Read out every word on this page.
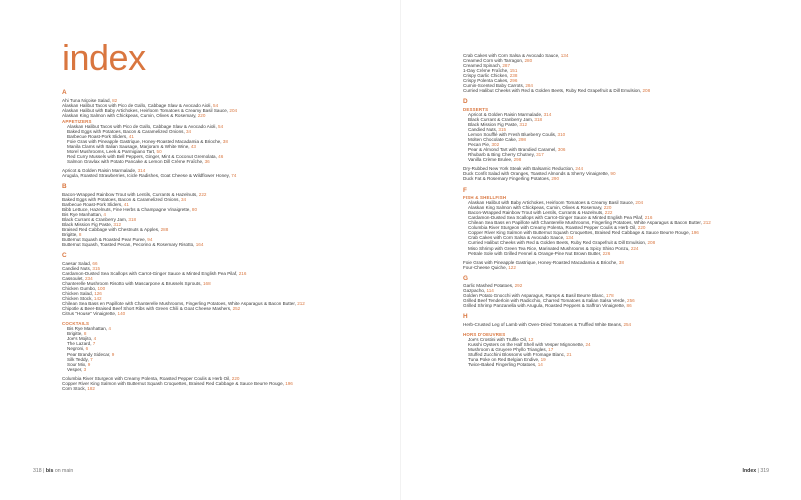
index
A
Ahi Tuna Niçoise Salad, 82
Alaskan Halibut Tacos with Pico de Gallo, Cabbage Slaw & Avocado Aioli, 54
Alaskan Halibut with Baby Artichokes, Heirloom Tomatoes & Creamy Basil Sauce, 204
Alaskan King Salmon with Chickpeas, Cumin, Olives & Rosemary, 220
APPETIZERS
Alaskan Halibut Tacos with Pico de Gallo, Cabbage Slaw & Avocado Aioli, 54
Baked Eggs with Potatoes, Bacon & Caramelized Onions, 34
Barbecue Roast-Pork Sliders, 41
Foie Gras with Pineapple Gastrique, Honey-Roasted Macadamia & Brioche, 38
Manila Clams with Italian Sausage, Marjoram & White Wine, 43
Morel Mushrooms, Leek & Parmigiano Tart, 50
Red Curry Mussels with Bell Peppers, Ginger, Mint & Coconut Gremolata, 46
Salmon Gravlax with Potato Pancake & Lemon Dill Crème Fraîche, 36
Apricot & Golden Raisin Marmalade, 314
Arugula, Roasted Strawberries, Icicle Radishes, Goat Cheese & Wildflower Honey, 74
B
Bacon-Wrapped Rainbow Trout with Lentils, Currants & Hazelnuts, 222
Baked Eggs with Potatoes, Bacon & Caramelized Onions, 34
Barbecue Roast-Pork Sliders, 41
Bibb Lettuce, Hazelnuts, Fine Herbs & Champagne Vinaigrette, 80
Bis Rye Manhattan, 4
Black Currant & Cranberry Jam, 318
Black Mission Fig Paste, 312
Braised Red Cabbage with Chestnuts & Apples, 288
Brigitte, 8
Butternut Squash & Roasted Pear Puree, 94
Butternut Squash, Toasted Pecan, Pecorino & Rosemary Risotto, 164
C
Caesar Salad, 66
Candied Nuts, 315
Cardamon-Dusted Sea Scallops with Carrot-Ginger Sauce & Minted English Pea Pilaf, 216
Cassoulet, 234
Chanterelle Mushroom Risotto with Mascarpone & Brussels Sprouts, 168
Chicken Gumbo, 100
Chicken Salad, 126
Chicken Stock, 142
Chilean Sea Bass en Papillote with Chanterelle Mushrooms, Fingerling Potatoes, White Asparagus & Bacon Butter, 212
Chipotle & Beer-Braised Beef Short Ribs with Green Chili & Goat Cheese Mashers, 252
Citrus "House" Vinaigrette, 140
COCKTAILS
Bis Rye Manhattan, 4
Brigitte, 8
Joe's Mojito, 4
The Lazard, 7
Negroni, 6
Pear Brandy Sidecar, 9
Silk Teddy, 7
Sour Mix, 9
Vesper, 3
Columbia River Sturgeon with Creamy Polenta, Roasted Pepper Coulis & Herb Oil, 220
Copper River King Salmon with Butternut Squash Croquettes, Braised Red Cabbage & Sauce Beurre Rouge, 196
Corn Stock, 182
318 | bis on main
Crab Cakes with Corn Salsa & Avocado Sauce, 134
Creamed Corn with Tarragon, 280
Creamed Spinach, 287
1-Day Crème Fraîche, 151
Crispy Garlic Chicken, 238
Crispy Polenta Cakes, 296
Cumin-Scented Baby Carrots, 284
Curried Halibut Cheeks with Red & Golden Beets, Ruby Red Grapefruit & Dill Emulsion, 208
D
DESSERTS
Apricot & Golden Raisin Marmalade, 314
Black Currant & Cranberry Jam, 318
Black Mission Fig Paste, 312
Candied Nuts, 315
Lemon Soufflé with Fresh Blueberry Coulis, 310
Molten Chocolate Cake, 298
Pecan Pie, 302
Pear & Almond Tart with Brandied Caramel, 306
Rhubarb & Bing Cherry Chutney, 317
Vanilla Crème Brulee, 298
Dry-Rubbed New York Steak with Balsamic Reduction, 244
Duck Confit Salad with Oranges, Toasted Almonds & Sherry Vinaigrette, 90
Duck Fat & Rosemary Fingerling Potatoes, 290
F
FISH & SHELLFISH
Alaskan Halibut with Baby Artichokes, Heirloom Tomatoes & Creamy Basil Sauce, 204
Alaskan King Salmon with Chickpeas, Cumin, Olives & Rosemary, 220
Bacon-Wrapped Rainbow Trout with Lentils, Currants & Hazelnuts, 222
Cardamon-Dusted Sea Scallops with Carrot-Ginger Sauce & Minted English Pea Pilaf, 216
Chilean Sea Bass en Papillote with Chanterelle Mushrooms, Fingerling Potatoes, White Asparagus & Bacon Butter, 212
Columbia River Sturgeon with Creamy Polenta, Roasted Pepper Coulis & Herb Oil, 220
Copper River King Salmon with Butternut Squash Croquettes, Braised Red Cabbage & Sauce Beurre Rouge, 196
Crab Cakes with Corn Salsa & Avocado Sauce, 134
Curried Halibut Cheeks with Red & Golden Beets, Ruby Red Grapefruit & Dill Emulsion, 208
Miso Shrimp with Green Tea Rice, Marinated Mushrooms & Spicy Shiso Ponzu, 224
Petrale Sole with Grilled Fennel & Orange-Pine Nut Brown Butter, 226
Foie Gras with Pineapple Gastrique, Honey-Roasted Macadamia & Brioche, 38
Four-Cheese Quiche, 122
G
Garlic Mashed Potatoes, 292
Gazpacho, 114
Golden Potato Gnocchi with Asparagus, Ramps & Basil Beurre Blanc, 178
Grilled Beef Tenderloin with Radicchio, Charred Tomatoes & Italian Salsa Verde, 256
Grilled Shrimp Panzanella with Arugula, Roasted Peppers & Saffron Vinaigrette, 86
H
Herb-Crusted Leg of Lamb with Oven-Dried Tomatoes & Truffled White Beans, 254
HORS D'OEUVRES
Joe's Crostini with Truffle Oil, 12
Kusshi Oysters on the Half Shell with Vesper Mignonette, 24
Mushroom & Gruyere Phyllo Triangles, 17
Stuffed Zucchini Blossoms with Fromage Blanc, 21
Tuna Poke on Red Belgian Endive, 19
Twice-Baked Fingerling Potatoes, 14
Index | 319
